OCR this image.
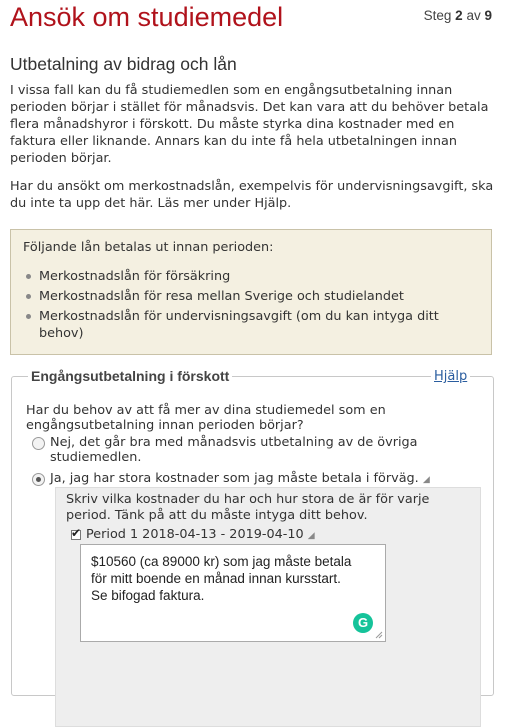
Ansök om studiemedel	Steg 2 av 9
Utbetalning av bidrag och lån

I vissa fall kan du få studiemedlen som en engångsutbetalning innan perioden börjar i stället för månadsvis. Det kan vara att du behöver betala flera månadshyror i förskott. Du måste styrka dina kostnader med en faktura eller liknande. Annars kan du inte få hela utbetalningen innan perioden börjar.

Har du ansökt om merkostnadslån, exempelvis för undervisningsavgift, ska du inte ta upp det här. Läs mer under Hjälp.

Följande lån betalas ut innan perioden:
Merkostnadslån för försäkring
Merkostnadslån för resa mellan Sverige och studielandet
Merkostnadslån för undervisningsavgift (om du kan intyga ditt behov)
Engångsutbetalning i förskott	Hjälp

Har du behov av att få mer av dina studiemedel som en engångsutbetalning innan perioden börjar?

Nej, det går bra med månadsvis utbetalning av de övriga studiemedlen.

Ja, jag har stora kostnader som jag måste betala i förväg. ◢

Skriv vilka kostnader du har och hur stora de är för varje period. Tänk på att du måste intyga ditt behov.

✔ Period 1 2018-04-13 - 2019-04-10 ◢
$10560 (ca 89000 kr) som jag måste betala för mitt boende en månad innan kursstart.
Se bifogad faktura.
G
